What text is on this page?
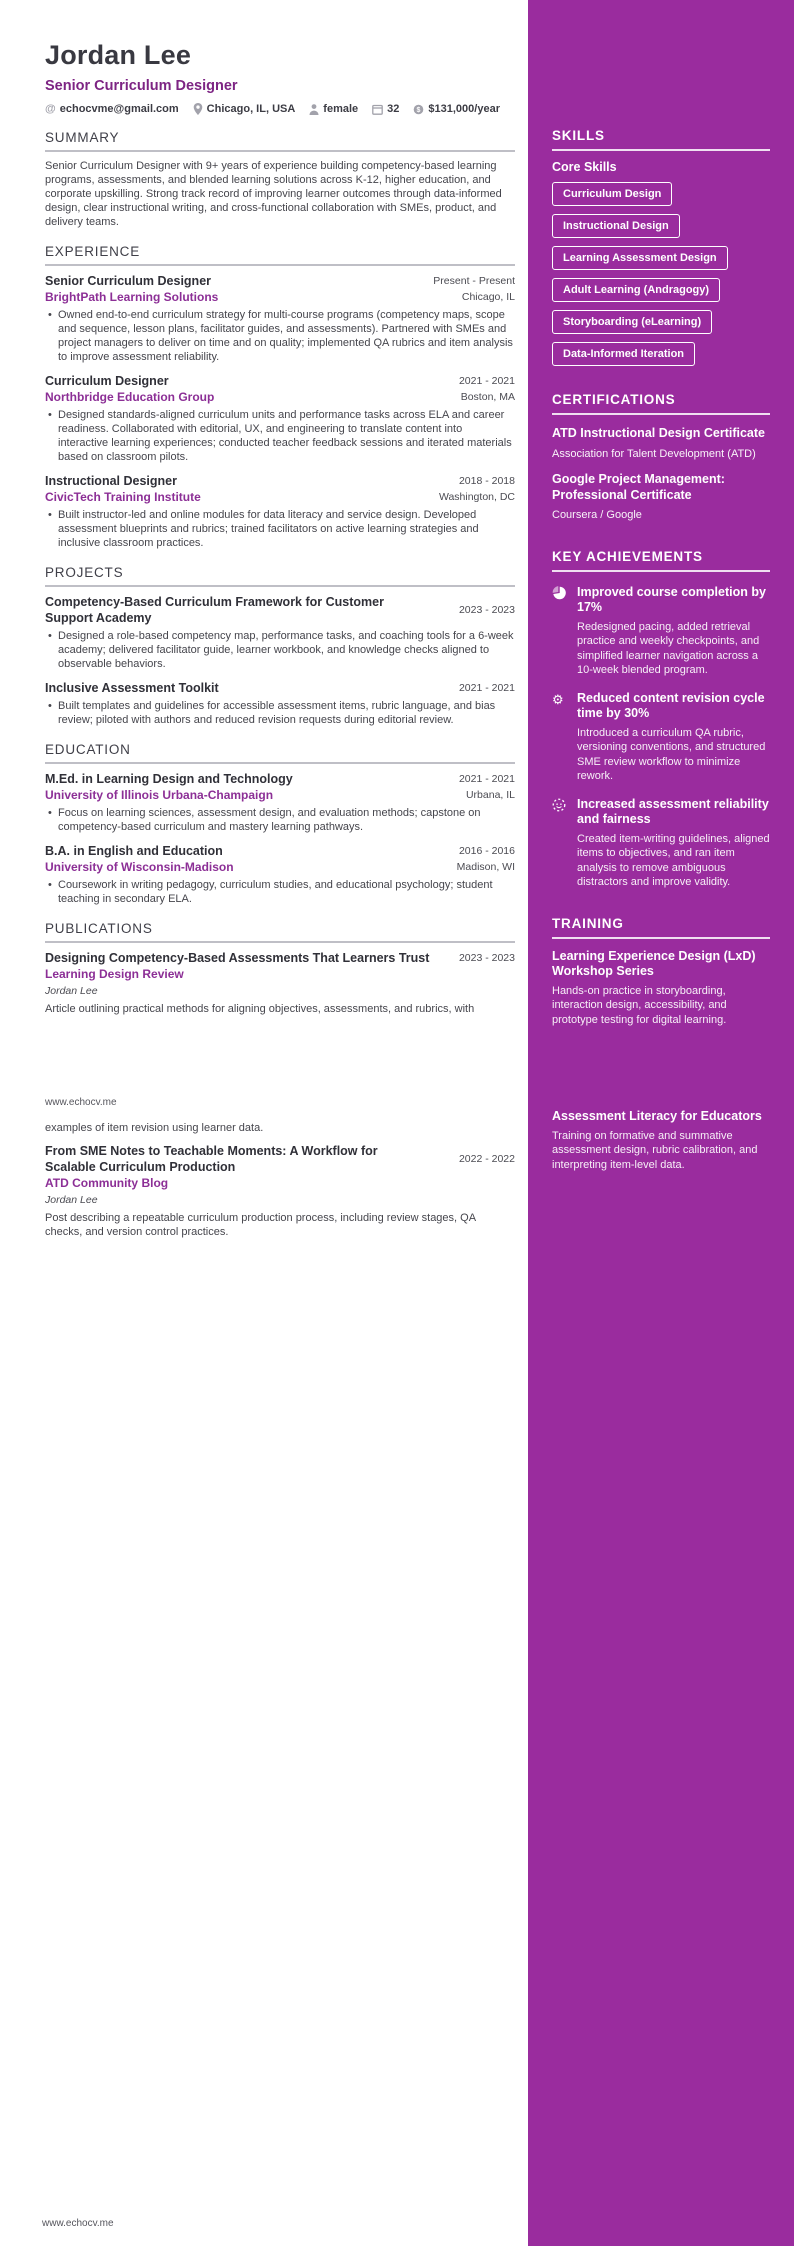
Jordan Lee
Senior Curriculum Designer
@ echocvme@gmail.com	Chicago, IL, USA	female	32	$ $131,000/year
SUMMARY

Senior Curriculum Designer with 9+ years of experience building competency-based learning programs, assessments, and blended learning solutions across K-12, higher education, and corporate upskilling. Strong track record of improving learner outcomes through data-informed design, clear instructional writing, and cross-functional collaboration with SMEs, product, and delivery teams.

EXPERIENCE
Senior Curriculum Designer	Present - Present
BrightPath Learning Solutions	Chicago, IL
• Owned end-to-end curriculum strategy for multi-course programs (competency maps, scope and sequence, lesson plans, facilitator guides, and assessments). Partnered with SMEs and project managers to deliver on time and on quality; implemented QA rubrics and item analysis to improve assessment reliability.
Curriculum Designer	2021 - 2021
Northbridge Education Group	Boston, MA
• Designed standards-aligned curriculum units and performance tasks across ELA and career readiness. Collaborated with editorial, UX, and engineering to translate content into interactive learning experiences; conducted teacher feedback sessions and iterated materials based on classroom pilots.
Instructional Designer	2018 - 2018
CivicTech Training Institute	Washington, DC
• Built instructor-led and online modules for data literacy and service design. Developed assessment blueprints and rubrics; trained facilitators on active learning strategies and inclusive classroom practices.
PROJECTS
Competency-Based Curriculum Framework for Customer Support Academy
2023 - 2023
• Designed a role-based competency map, performance tasks, and coaching tools for a 6-week academy; delivered facilitator guide, learner workbook, and knowledge checks aligned to observable behaviors.
Inclusive Assessment Toolkit	2021 - 2021
• Built templates and guidelines for accessible assessment items, rubric language, and bias review; piloted with authors and reduced revision requests during editorial review.
EDUCATION
M.Ed. in Learning Design and Technology	2021 - 2021
University of Illinois Urbana-Champaign	Urbana, IL
• Focus on learning sciences, assessment design, and evaluation methods; capstone on competency-based curriculum and mastery learning pathways.
B.A. in English and Education	2016 - 2016
University of Wisconsin-Madison	Madison, WI
• Coursework in writing pedagogy, curriculum studies, and educational psychology; student teaching in secondary ELA.
PUBLICATIONS
Designing Competency-Based Assessments That Learners Trust	2023 - 2023
Learning Design Review
Jordan Lee

Article outlining practical methods for aligning objectives, assessments, and rubrics, with

examples of item revision using learner data.

From SME Notes to Teachable Moments: A Workflow for Scalable Curriculum Production
2022 - 2022
ATD Community Blog
Jordan Lee

Post describing a repeatable curriculum production process, including review stages, QA checks, and version control practices.

www.echocv.me
www.echocv.me
SKILLS
Core Skills
Curriculum Design
Instructional Design
Learning Assessment Design
Adult Learning (Andragogy)
Storyboarding (eLearning)
Data-Informed Iteration
CERTIFICATIONS
ATD Instructional Design Certificate
Association for Talent Development (ATD)
Google Project Management: Professional Certificate
Coursera / Google
KEY ACHIEVEMENTS
Improved course completion by 17%
Redesigned pacing, added retrieval practice and weekly checkpoints, and simplified learner navigation across a 10-week blended program.
⚙ Reduced content revision cycle time by 30%
Introduced a curriculum QA rubric, versioning conventions, and structured SME review workflow to minimize rework.
Increased assessment reliability and fairness
Created item-writing guidelines, aligned items to objectives, and ran item analysis to remove ambiguous distractors and improve validity.
TRAINING
Learning Experience Design (LxD) Workshop Series
Hands-on practice in storyboarding, interaction design, accessibility, and prototype testing for digital learning.
Assessment Literacy for Educators
Training on formative and summative assessment design, rubric calibration, and interpreting item-level data.
